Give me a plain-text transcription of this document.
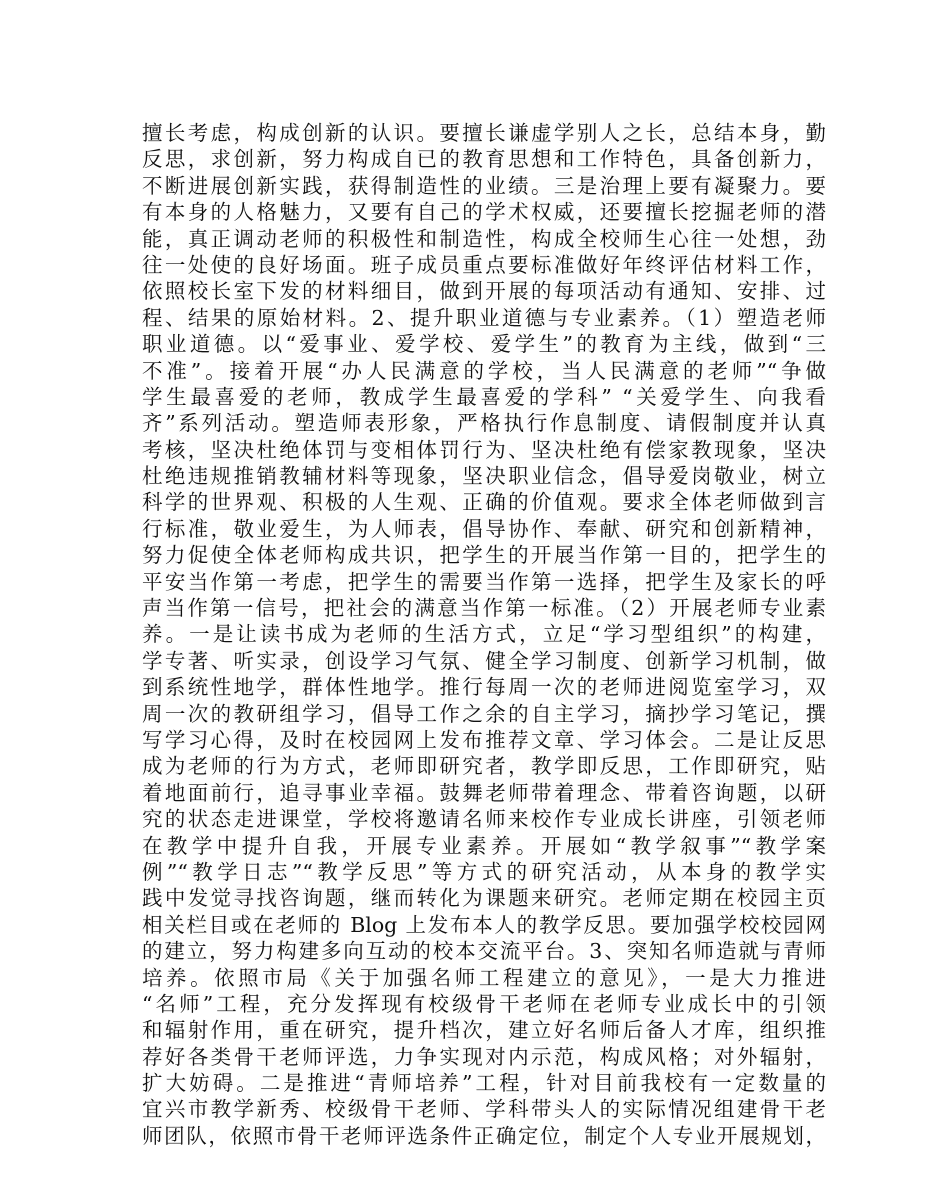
擅长考虑，构成创新的认识。要擅长谦虚学别人之长，总结本身，勤
反思，求创新，努力构成自已的教育思想和工作特色，具备创新力，
不断进展创新实践，获得制造性的业绩。三是治理上要有凝聚力。要
有本身的人格魅力，又要有自己的学术权威，还要擅长挖掘老师的潜
能，真正调动老师的积极性和制造性，构成全校师生心往一处想，劲
往一处使的良好场面。班子成员重点要标准做好年终评估材料工作，
依照校长室下发的材料细目，做到开展的每项活动有通知、安排、过
程、结果的原始材料。2、提升职业道德与专业素养。（1）塑造老师
职业道德。以“爱事业、爱学校、爱学生”的教育为主线，做到“三
不准”。接着开展“办人民满意的学校，当人民满意的老师”“争做
学生最喜爱的老师，教成学生最喜爱的学科” “关爱学生、向我看
齐”系列活动。塑造师表形象，严格执行作息制度、请假制度并认真
考核，坚决杜绝体罚与变相体罚行为、坚决杜绝有偿家教现象，坚决
杜绝违规推销教辅材料等现象，坚决职业信念，倡导爱岗敬业，树立
科学的世界观、积极的人生观、正确的价值观。要求全体老师做到言
行标准，敬业爱生，为人师表，倡导协作、奉献、研究和创新精神，
努力促使全体老师构成共识，把学生的开展当作第一目的，把学生的
平安当作第一考虑，把学生的需要当作第一选择，把学生及家长的呼
声当作第一信号，把社会的满意当作第一标准。（2）开展老师专业素
养。一是让读书成为老师的生活方式，立足“学习型组织”的构建，
学专著、听实录，创设学习气氛、健全学习制度、创新学习机制，做
到系统性地学，群体性地学。推行每周一次的老师进阅览室学习，双
周一次的教研组学习，倡导工作之余的自主学习，摘抄学习笔记，撰
写学习心得，及时在校园网上发布推荐文章、学习体会。二是让反思
成为老师的行为方式，老师即研究者，教学即反思，工作即研究，贴
着地面前行，追寻事业幸福。鼓舞老师带着理念、带着咨询题，以研
究的状态走进课堂，学校将邀请名师来校作专业成长讲座，引领老师
在教学中提升自我，开展专业素养。开展如“教学叙事”“教学案
例”“教学日志”“教学反思”等方式的研究活动，从本身的教学实
践中发觉寻找咨询题，继而转化为课题来研究。老师定期在校园主页
相关栏目或在老师的 Blog 上发布本人的教学反思。要加强学校校园网
的建立，努力构建多向互动的校本交流平台。3、突知名师造就与青师
培养。依照市局《关于加强名师工程建立的意见》，一是大力推进
“名师”工程，充分发挥现有校级骨干老师在老师专业成长中的引领
和辐射作用，重在研究，提升档次，建立好名师后备人才库，组织推
荐好各类骨干老师评选，力争实现对内示范，构成风格；对外辐射，
扩大妨碍。二是推进“青师培养”工程，针对目前我校有一定数量的
宜兴市教学新秀、校级骨干老师、学科带头人的实际情况组建骨干老
师团队，依照市骨干老师评选条件正确定位，制定个人专业开展规划，
